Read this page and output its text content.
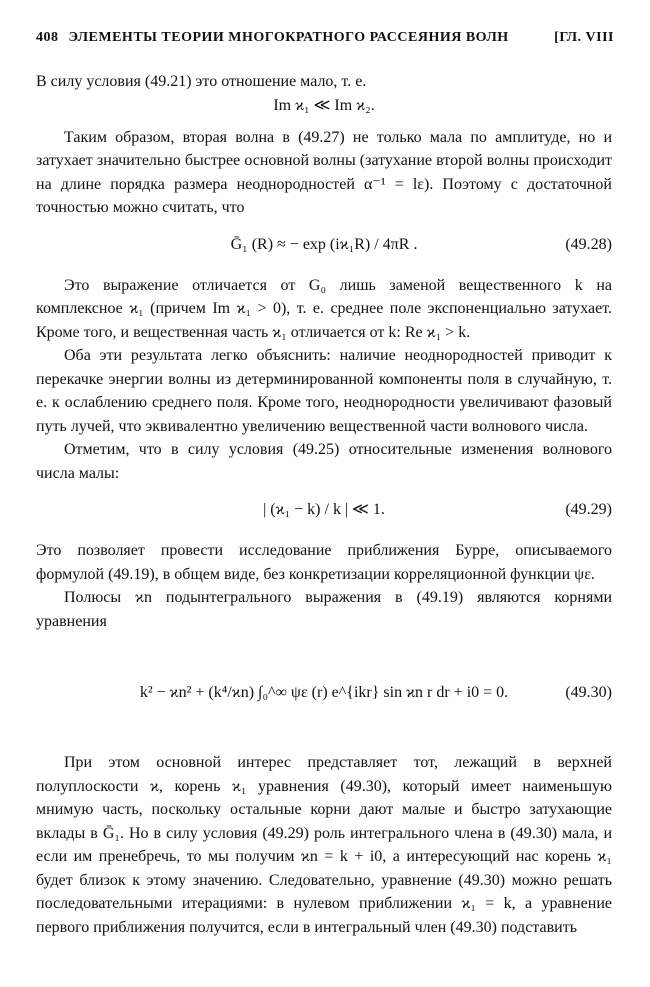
408 ЭЛЕМЕНТЫ ТЕОРИИ МНОГОКРАТНОГО РАССЕЯНИЯ ВОЛН	[ГЛ. VIII

В силу условия (49.21) это отношение мало, т. е.

Im ϰ₁ ≪ Im ϰ₂.

Таким образом, вторая волна в (49.27) не только мала по амплитуде, но и затухает значительно быстрее основной волны (затухание второй волны происходит на длине порядка размера неоднородностей α⁻¹ = lε). Поэтому с достаточной точностью можно считать, что

Ḡ₁ (R) ≈ − exp (iϰ₁R) / 4πR .	(49.28)

Это выражение отличается от G₀ лишь заменой вещественного k на комплексное ϰ₁ (причем Im ϰ₁ > 0), т. е. среднее поле экспоненциально затухает. Кроме того, и вещественная часть ϰ₁ отличается от k: Re ϰ₁ > k.

Оба эти результата легко объяснить: наличие неоднородностей приводит к перекачке энергии волны из детерминированной компоненты поля в случайную, т. е. к ослаблению среднего поля. Кроме того, неоднородности увеличивают фазовый путь лучей, что эквивалентно увеличению вещественной части волнового числа.

Отметим, что в силу условия (49.25) относительные изменения волнового числа малы:

| (ϰ₁ − k) / k | ≪ 1.	(49.29)

Это позволяет провести исследование приближения Бурре, описываемого формулой (49.19), в общем виде, без конкретизации корреляционной функции ψε.

Полюсы ϰn подынтегрального выражения в (49.19) являются корнями уравнения

k² − ϰn² + (k⁴/ϰn) ∫₀^∞ ψε (r) e^{ikr} sin ϰn r dr + i0 = 0.	(49.30)

При этом основной интерес представляет тот, лежащий в верхней полуплоскости ϰ, корень ϰ₁ уравнения (49.30), который имеет наименьшую мнимую часть, поскольку остальные корни дают малые и быстро затухающие вклады в Ḡ₁. Но в силу условия (49.29) роль интегрального члена в (49.30) мала, и если им пренебречь, то мы получим ϰn = k + i0, а интересующий нас корень ϰ₁ будет близок к этому значению. Следовательно, уравнение (49.30) можно решать последовательными итерациями: в нулевом приближении ϰ₁ = k, а уравнение первого приближения получится, если в интегральный член (49.30) подставить
